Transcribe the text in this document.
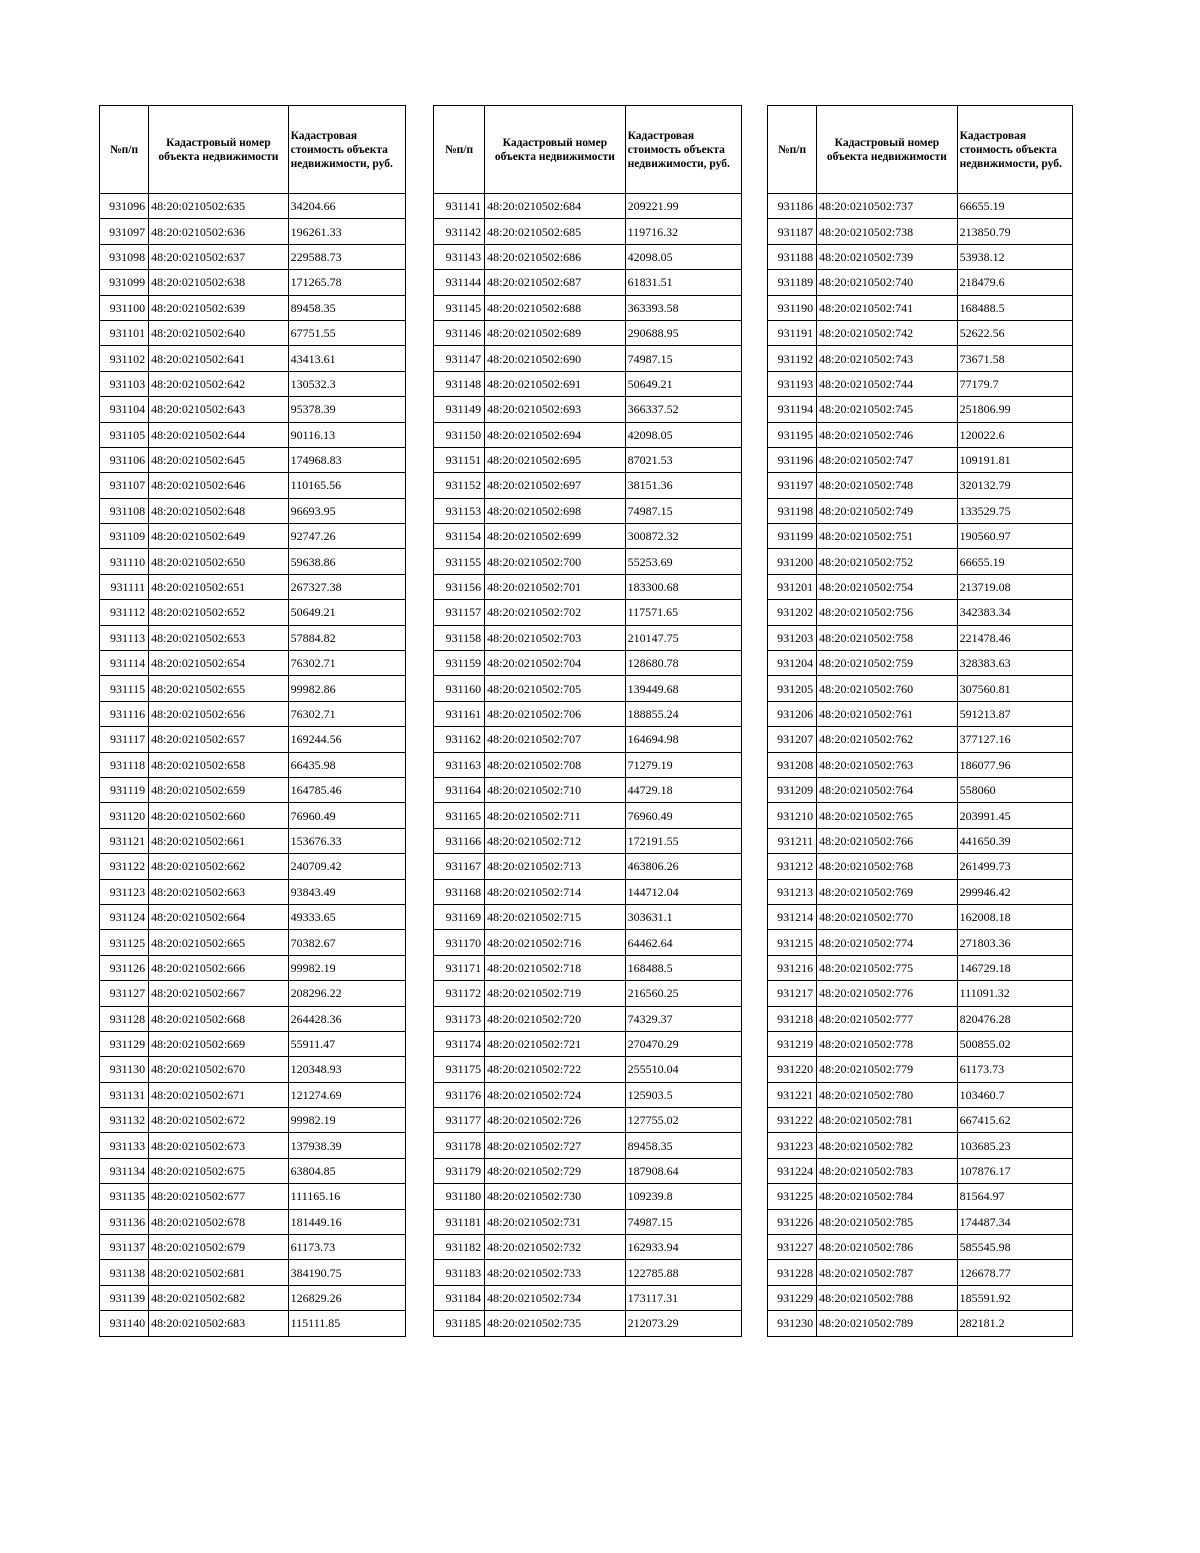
№п/п	Кадастровый номер объекта недвижимости	Кадастровая стоимость объекта недвижимости, руб.
931096	48:20:0210502:635	34204.66
931097	48:20:0210502:636	196261.33
931098	48:20:0210502:637	229588.73
931099	48:20:0210502:638	171265.78
931100	48:20:0210502:639	89458.35
931101	48:20:0210502:640	67751.55
931102	48:20:0210502:641	43413.61
931103	48:20:0210502:642	130532.3
931104	48:20:0210502:643	95378.39
931105	48:20:0210502:644	90116.13
931106	48:20:0210502:645	174968.83
931107	48:20:0210502:646	110165.56
931108	48:20:0210502:648	96693.95
931109	48:20:0210502:649	92747.26
931110	48:20:0210502:650	59638.86
931111	48:20:0210502:651	267327.38
931112	48:20:0210502:652	50649.21
931113	48:20:0210502:653	57884.82
931114	48:20:0210502:654	76302.71
931115	48:20:0210502:655	99982.86
931116	48:20:0210502:656	76302.71
931117	48:20:0210502:657	169244.56
931118	48:20:0210502:658	66435.98
931119	48:20:0210502:659	164785.46
931120	48:20:0210502:660	76960.49
931121	48:20:0210502:661	153676.33
931122	48:20:0210502:662	240709.42
931123	48:20:0210502:663	93843.49
931124	48:20:0210502:664	49333.65
931125	48:20:0210502:665	70382.67
931126	48:20:0210502:666	99982.19
931127	48:20:0210502:667	208296.22
931128	48:20:0210502:668	264428.36
931129	48:20:0210502:669	55911.47
931130	48:20:0210502:670	120348.93
931131	48:20:0210502:671	121274.69
931132	48:20:0210502:672	99982.19
931133	48:20:0210502:673	137938.39
931134	48:20:0210502:675	63804.85
931135	48:20:0210502:677	111165.16
931136	48:20:0210502:678	181449.16
931137	48:20:0210502:679	61173.73
931138	48:20:0210502:681	384190.75
931139	48:20:0210502:682	126829.26
931140	48:20:0210502:683	115111.85
№п/п	Кадастровый номер объекта недвижимости	Кадастровая стоимость объекта недвижимости, руб.
931141	48:20:0210502:684	209221.99
931142	48:20:0210502:685	119716.32
931143	48:20:0210502:686	42098.05
931144	48:20:0210502:687	61831.51
931145	48:20:0210502:688	363393.58
931146	48:20:0210502:689	290688.95
931147	48:20:0210502:690	74987.15
931148	48:20:0210502:691	50649.21
931149	48:20:0210502:693	366337.52
931150	48:20:0210502:694	42098.05
931151	48:20:0210502:695	87021.53
931152	48:20:0210502:697	38151.36
931153	48:20:0210502:698	74987.15
931154	48:20:0210502:699	300872.32
931155	48:20:0210502:700	55253.69
931156	48:20:0210502:701	183300.68
931157	48:20:0210502:702	117571.65
931158	48:20:0210502:703	210147.75
931159	48:20:0210502:704	128680.78
931160	48:20:0210502:705	139449.68
931161	48:20:0210502:706	188855.24
931162	48:20:0210502:707	164694.98
931163	48:20:0210502:708	71279.19
931164	48:20:0210502:710	44729.18
931165	48:20:0210502:711	76960.49
931166	48:20:0210502:712	172191.55
931167	48:20:0210502:713	463806.26
931168	48:20:0210502:714	144712.04
931169	48:20:0210502:715	303631.1
931170	48:20:0210502:716	64462.64
931171	48:20:0210502:718	168488.5
931172	48:20:0210502:719	216560.25
931173	48:20:0210502:720	74329.37
931174	48:20:0210502:721	270470.29
931175	48:20:0210502:722	255510.04
931176	48:20:0210502:724	125903.5
931177	48:20:0210502:726	127755.02
931178	48:20:0210502:727	89458.35
931179	48:20:0210502:729	187908.64
931180	48:20:0210502:730	109239.8
931181	48:20:0210502:731	74987.15
931182	48:20:0210502:732	162933.94
931183	48:20:0210502:733	122785.88
931184	48:20:0210502:734	173117.31
931185	48:20:0210502:735	212073.29
№п/п	Кадастровый номер объекта недвижимости	Кадастровая стоимость объекта недвижимости, руб.
931186	48:20:0210502:737	66655.19
931187	48:20:0210502:738	213850.79
931188	48:20:0210502:739	53938.12
931189	48:20:0210502:740	218479.6
931190	48:20:0210502:741	168488.5
931191	48:20:0210502:742	52622.56
931192	48:20:0210502:743	73671.58
931193	48:20:0210502:744	77179.7
931194	48:20:0210502:745	251806.99
931195	48:20:0210502:746	120022.6
931196	48:20:0210502:747	109191.81
931197	48:20:0210502:748	320132.79
931198	48:20:0210502:749	133529.75
931199	48:20:0210502:751	190560.97
931200	48:20:0210502:752	66655.19
931201	48:20:0210502:754	213719.08
931202	48:20:0210502:756	342383.34
931203	48:20:0210502:758	221478.46
931204	48:20:0210502:759	328383.63
931205	48:20:0210502:760	307560.81
931206	48:20:0210502:761	591213.87
931207	48:20:0210502:762	377127.16
931208	48:20:0210502:763	186077.96
931209	48:20:0210502:764	558060
931210	48:20:0210502:765	203991.45
931211	48:20:0210502:766	441650.39
931212	48:20:0210502:768	261499.73
931213	48:20:0210502:769	299946.42
931214	48:20:0210502:770	162008.18
931215	48:20:0210502:774	271803.36
931216	48:20:0210502:775	146729.18
931217	48:20:0210502:776	111091.32
931218	48:20:0210502:777	820476.28
931219	48:20:0210502:778	500855.02
931220	48:20:0210502:779	61173.73
931221	48:20:0210502:780	103460.7
931222	48:20:0210502:781	667415.62
931223	48:20:0210502:782	103685.23
931224	48:20:0210502:783	107876.17
931225	48:20:0210502:784	81564.97
931226	48:20:0210502:785	174487.34
931227	48:20:0210502:786	585545.98
931228	48:20:0210502:787	126678.77
931229	48:20:0210502:788	185591.92
931230	48:20:0210502:789	282181.2
